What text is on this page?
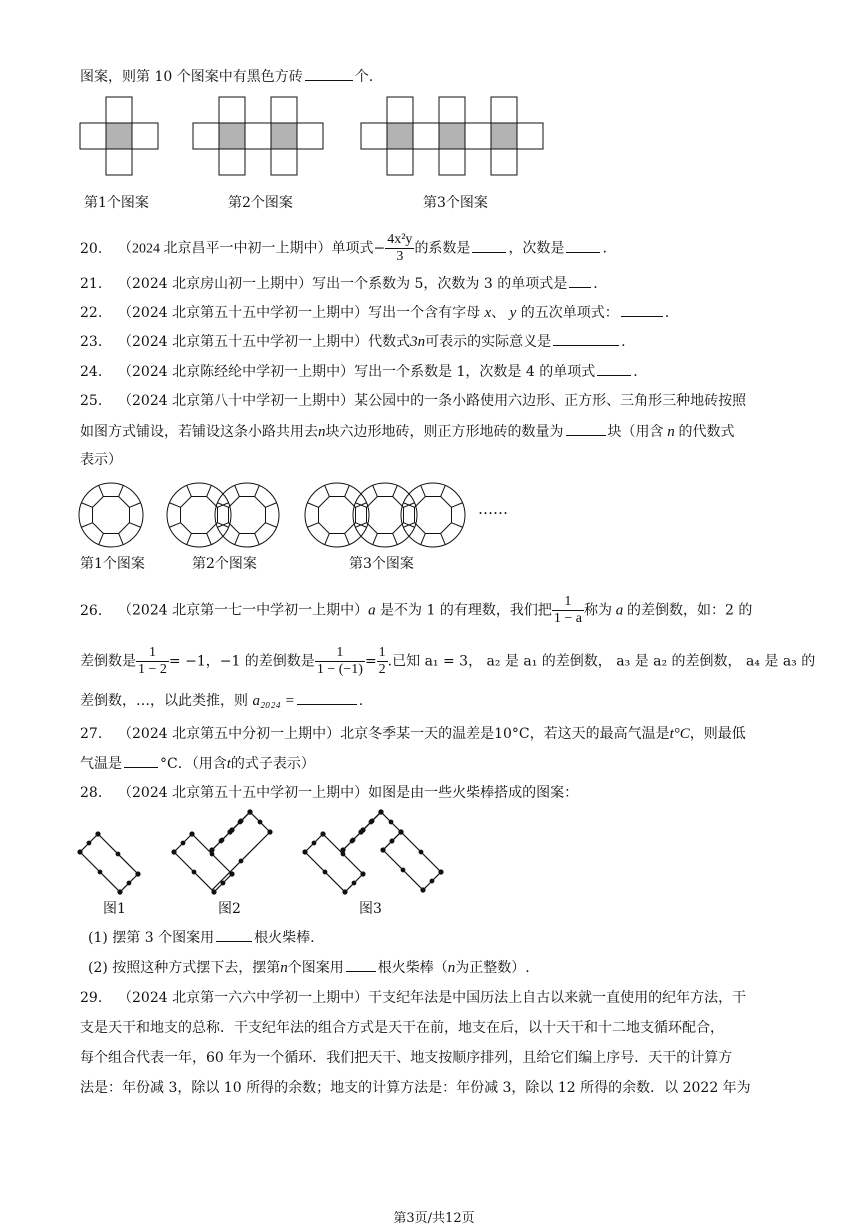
图案，则第 10 个图案中有黑色方砖	个.
第1个图案	第2个图案	第3个图案
20. （2024 北京昌平一中初一上期中）单项式− $\frac{\text{4x²y}}{3}$ 的系数是	，次数是	.
21. （2024 北京房山初一上期中）写出一个系数为 5，次数为 3 的单项式是 .
22. （2024 北京第五十五中学初一上期中）写出一个含有字母 x、 y 的五次单项式：	.
23. （2024 北京第五十五中学初一上期中）代数式3n可表示的实际意义是	.
24. （2024 北京陈经纶中学初一上期中）写出一个系数是 1，次数是 4 的单项式	.
25. （2024 北京第八十中学初一上期中）某公园中的一条小路使用六边形、正方形、三角形三种地砖按照
如图方式铺设，若铺设这条小路共用去n块六边形地砖，则正方形地砖的数量为	块（用含 n 的代数式
表示）
……
第1个图案	第2个图案	第3个图案
26. （2024 北京第一七一中学初一上期中）a 是不为 1 的有理数，我们把 $\frac{1}{1 - a}$ 称为 a 的差倒数，如：2 的
差倒数是 $\frac{1}{1 - 2} = -1$，−1 的差倒数是 $\frac{1}{1 - (-1)} = \frac{1}{2}$ .已知 a₁ = 3， a₂ 是 a₁ 的差倒数， a₃ 是 a₂ 的差倒数， a₄ 是 a₃ 的
差倒数，…，以此类推，则 a₂₀₂₄ =	.
27. （2024 北京第五中分初一上期中）北京冬季某一天的温差是10°C，若这天的最高气温是t°C，则最低
气温是	°C．（用含t的式子表示）
28. （2024 北京第五十五中学初一上期中）如图是由一些火柴棒搭成的图案：
图1	图2	图3
(1) 摆第 3 个图案用	根火柴棒.
(2) 按照这种方式摆下去，摆第n个图案用 根火柴棒（n为正整数）.
29. （2024 北京第一六六中学初一上期中）干支纪年法是中国历法上自古以来就一直使用的纪年方法，干
支是天干和地支的总称．干支纪年法的组合方式是天干在前，地支在后，以十天干和十二地支循环配合，
每个组合代表一年，60 年为一个循环．我们把天干、地支按顺序排列，且给它们编上序号．天干的计算方
法是：年份减 3，除以 10 所得的余数；地支的计算方法是：年份减 3，除以 12 所得的余数．以 2022 年为
第3页/共12页
